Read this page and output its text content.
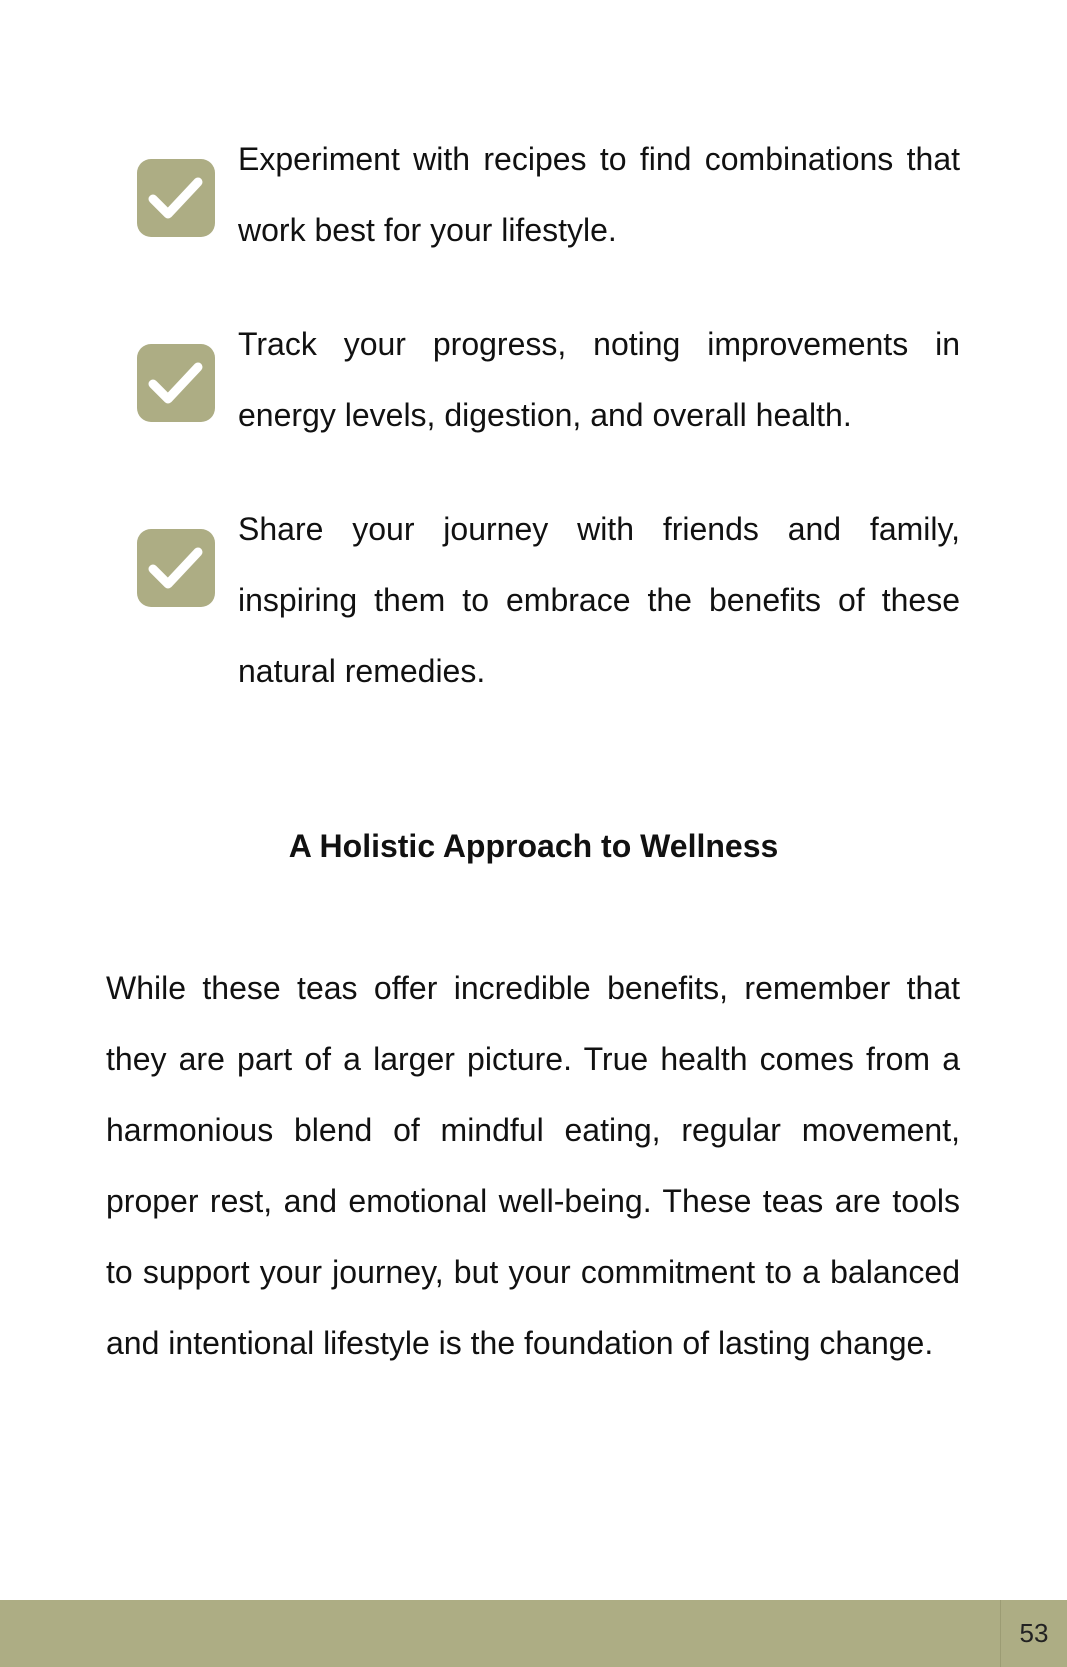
Experiment with recipes to find combinations that work best for your lifestyle.

Track your progress, noting improvements in energy levels, digestion, and overall health.

Share your journey with friends and family, inspiring them to embrace the benefits of these natural remedies.

A Holistic Approach to Wellness

While these teas offer incredible benefits, remember that they are part of a larger picture. True health comes from a harmonious blend of mindful eating, regular movement, proper rest, and emotional well-being. These teas are tools to support your journey, but your commitment to a balanced and intentional lifestyle is the foundation of lasting change.

53
